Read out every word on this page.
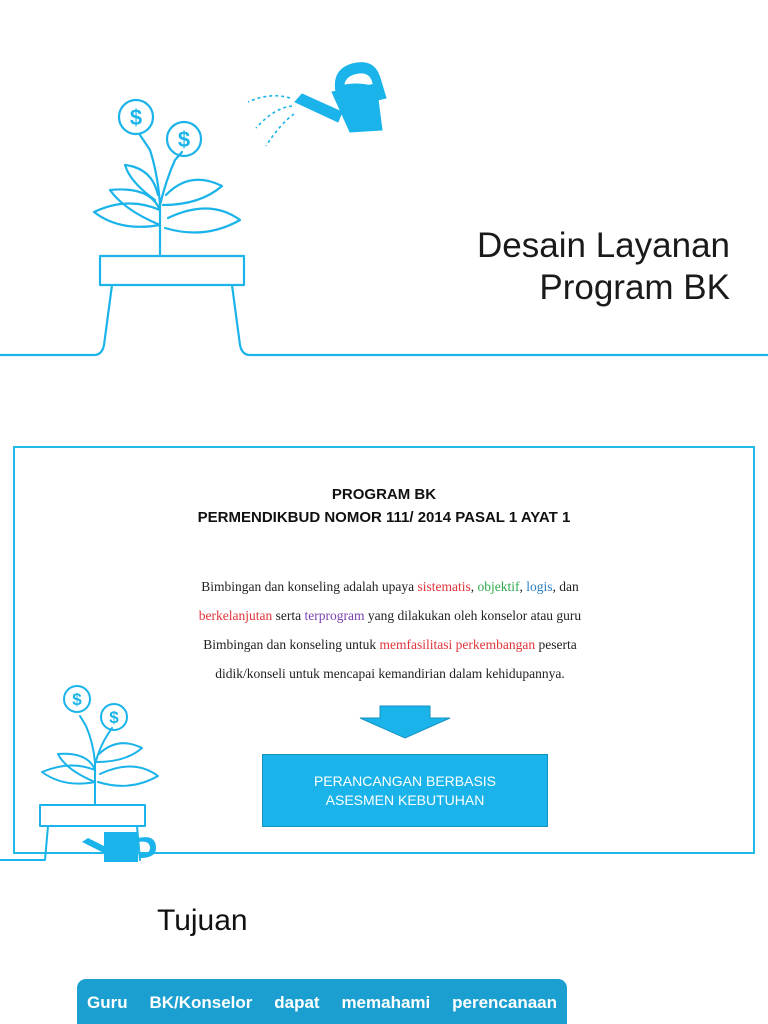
$
$
Desain Layanan
Program BK
$
$
PROGRAM BK
PERMENDIKBUD NOMOR 111/ 2014 PASAL 1 AYAT 1
Bimbingan dan konseling adalah upaya sistematis, objektif, logis, dan
berkelanjutan serta terprogram yang dilakukan oleh konselor atau guru
Bimbingan dan konseling untuk memfasilitasi perkembangan peserta
didik/konseli untuk mencapai kemandirian dalam kehidupannya.
PERANCANGAN BERBASIS
ASESMEN KEBUTUHAN
Tujuan
Guru BK/Konselor dapat memahami perencanaan
